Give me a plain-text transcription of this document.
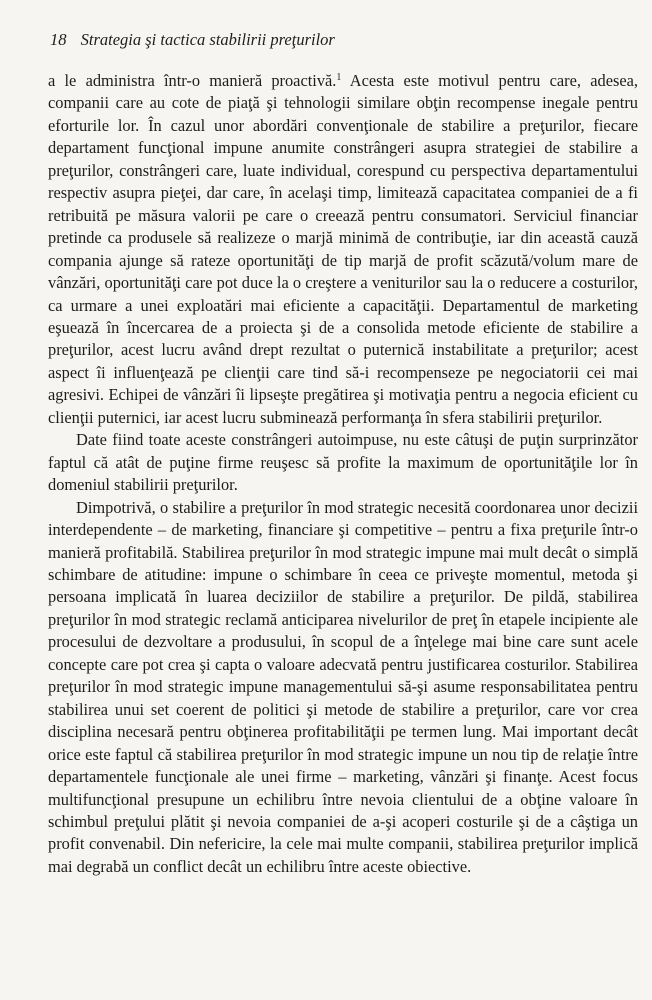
18 Strategia şi tactica stabilirii preţurilor

a le administra într-o manieră proactivă.$^1$ Acesta este motivul pentru care, adesea, companii care au cote de piaţă şi tehnologii similare obţin recompense inegale pentru eforturile lor. În cazul unor abordări convenţionale de stabilire a preţurilor, fiecare departament funcţional impune anumite constrângeri asupra strategiei de stabilire a preţurilor, constrângeri care, luate individual, corespund cu perspectiva departamentului respectiv asupra pieţei, dar care, în acelaşi timp, limitează capacitatea companiei de a fi retribuită pe măsura valorii pe care o creează pentru consumatori. Serviciul financiar pretinde ca produsele să realizeze o marjă minimă de contribuţie, iar din această cauză compania ajunge să rateze oportunităţi de tip marjă de profit scăzută/volum mare de vânzări, oportunităţi care pot duce la o creştere a veniturilor sau la o reducere a costurilor, ca urmare a unei exploatări mai eficiente a capacităţii. Departamentul de marketing eşuează în încercarea de a proiecta şi de a consolida metode eficiente de stabilire a preţurilor, acest lucru având drept rezultat o puternică instabilitate a preţurilor; acest aspect îi influenţează pe clienţii care tind să-i recompenseze pe negociatorii cei mai agresivi. Echipei de vânzări îi lipseşte pregătirea şi motivaţia pentru a negocia eficient cu clienţii puternici, iar acest lucru subminează performanţa în sfera stabilirii preţurilor.

Date fiind toate aceste constrângeri autoimpuse, nu este câtuşi de puţin surprinzător faptul că atât de puţine firme reuşesc să profite la maximum de oportunităţile lor în domeniul stabilirii preţurilor.

Dimpotrivă, o stabilire a preţurilor în mod strategic necesită coordonarea unor decizii interdependente – de marketing, financiare şi competitive – pentru a fixa preţurile într-o manieră profitabilă. Stabilirea preţurilor în mod strategic impune mai mult decât o simplă schimbare de atitudine: impune o schimbare în ceea ce priveşte momentul, metoda şi persoana implicată în luarea deciziilor de stabilire a preţurilor. De pildă, stabilirea preţurilor în mod strategic reclamă anticiparea nivelurilor de preţ în etapele incipiente ale procesului de dezvoltare a produsului, în scopul de a înţelege mai bine care sunt acele concepte care pot crea şi capta o valoare adecvată pentru justificarea costurilor. Stabilirea preţurilor în mod strategic impune managementului să-şi asume responsabilitatea pentru stabilirea unui set coerent de politici şi metode de stabilire a preţurilor, care vor crea disciplina necesară pentru obţinerea profitabilităţii pe termen lung. Mai important decât orice este faptul că stabilirea preţurilor în mod strategic impune un nou tip de relaţie între departamentele funcţionale ale unei firme – marketing, vânzări şi finanţe. Acest focus multifuncţional presupune un echilibru între nevoia clientului de a obţine valoare în schimbul preţului plătit şi nevoia companiei de a-şi acoperi costurile şi de a câştiga un profit convenabil. Din nefericire, la cele mai multe companii, stabilirea preţurilor implică mai degrabă un conflict decât un echilibru între aceste obiective.
